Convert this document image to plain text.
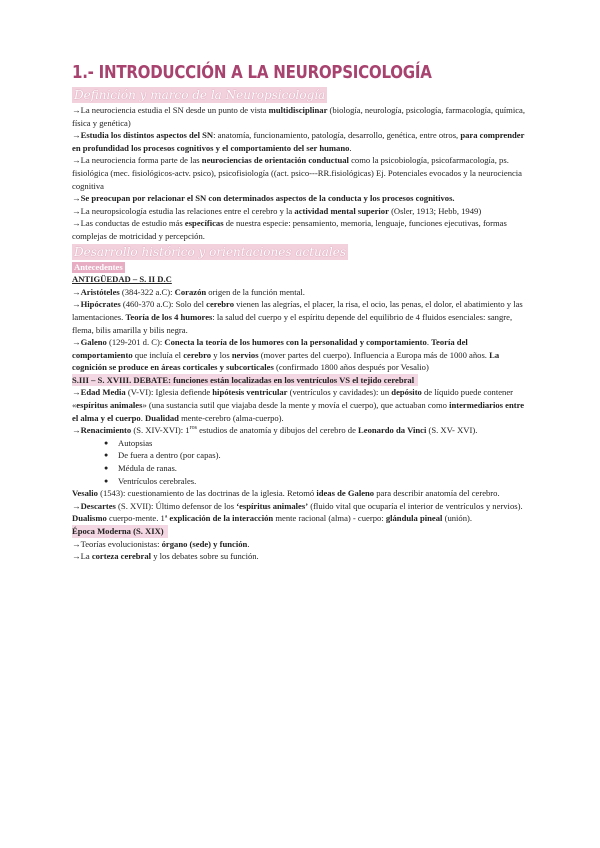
1.- INTRODUCCIÓN A LA NEUROPSICOLOGÍA
Definición y marco de la Neuropsicología

→La neurociencia estudia el SN desde un punto de vista multidisciplinar (biología, neurología, psicología, farmacología, química, física y genética)

→Estudia los distintos aspectos del SN: anatomía, funcionamiento, patología, desarrollo, genética, entre otros, para comprender en profundidad los procesos cognitivos y el comportamiento del ser humano.

→La neurociencia forma parte de las neurociencias de orientación conductual como la psicobiología, psicofarmacología, ps. fisiológica (mec. fisiológicos-actv. psico), psicofisiología ((act. psico---RR.fisiológicas) Ej. Potenciales evocados y la neurociencia cognitiva

→Se preocupan por relacionar el SN con determinados aspectos de la conducta y los procesos cognitivos.

→La neuropsicología estudia las relaciones entre el cerebro y la actividad mental superior (Osler, 1913; Hebb, 1949)

→Las conductas de estudio más específicas de nuestra especie: pensamiento, memoria, lenguaje, funciones ejecutivas, formas complejas de motricidad y percepción.

Desarrollo histórico y orientaciones actuales
Antecedentes

ANTIGÜEDAD – S. II D.C

→Aristóteles (384-322 a.C): Corazón origen de la función mental.

→Hipócrates (460-370 a.C): Solo del cerebro vienen las alegrías, el placer, la risa, el ocio, las penas, el dolor, el abatimiento y las lamentaciones. Teoría de los 4 humores: la salud del cuerpo y el espíritu depende del equilibrio de 4 fluidos esenciales: sangre, flema, bilis amarilla y bilis negra.

→Galeno (129-201 d. C): Conecta la teoría de los humores con la personalidad y comportamiento. Teoría del comportamiento que incluía el cerebro y los nervios (mover partes del cuerpo). Influencia a Europa más de 1000 años. La cognición se produce en áreas corticales y subcorticales (confirmado 1800 años después por Vesalio)

S.III – S. XVIII. DEBATE: funciones están localizadas en los ventrículos VS el tejido cerebral

→Edad Media (V-VI): Iglesia defiende hipótesis ventricular (ventrículos y cavidades): un depósito de líquido puede contener «espíritus animales» (una sustancia sutil que viajaba desde la mente y movía el cuerpo), que actuaban como intermediarios entre el alma y el cuerpo. Dualidad mente-cerebro (alma-cuerpo).

→Renacimiento (S. XIV-XVI): $1^{ros}$ estudios de anatomía y dibujos del cerebro de Leonardo da Vinci (S. XV- XVI).

● Autopsias
● De fuera a dentro (por capas).
● Médula de ranas.
● Ventrículos cerebrales.

Vesalio (1543): cuestionamiento de las doctrinas de la iglesia. Retomó ideas de Galeno para describir anatomía del cerebro.

→Descartes (S. XVII): Último defensor de los ‘espíritus animales’ (fluido vital que ocuparía el interior de ventrículos y nervios). Dualismo cuerpo-mente. 1ª explicación de la interacción mente racional (alma) - cuerpo: glándula pineal (unión).

Época Moderna (S. XIX)

→Teorías evolucionistas: órgano (sede) y función.

→La corteza cerebral y los debates sobre su función.
